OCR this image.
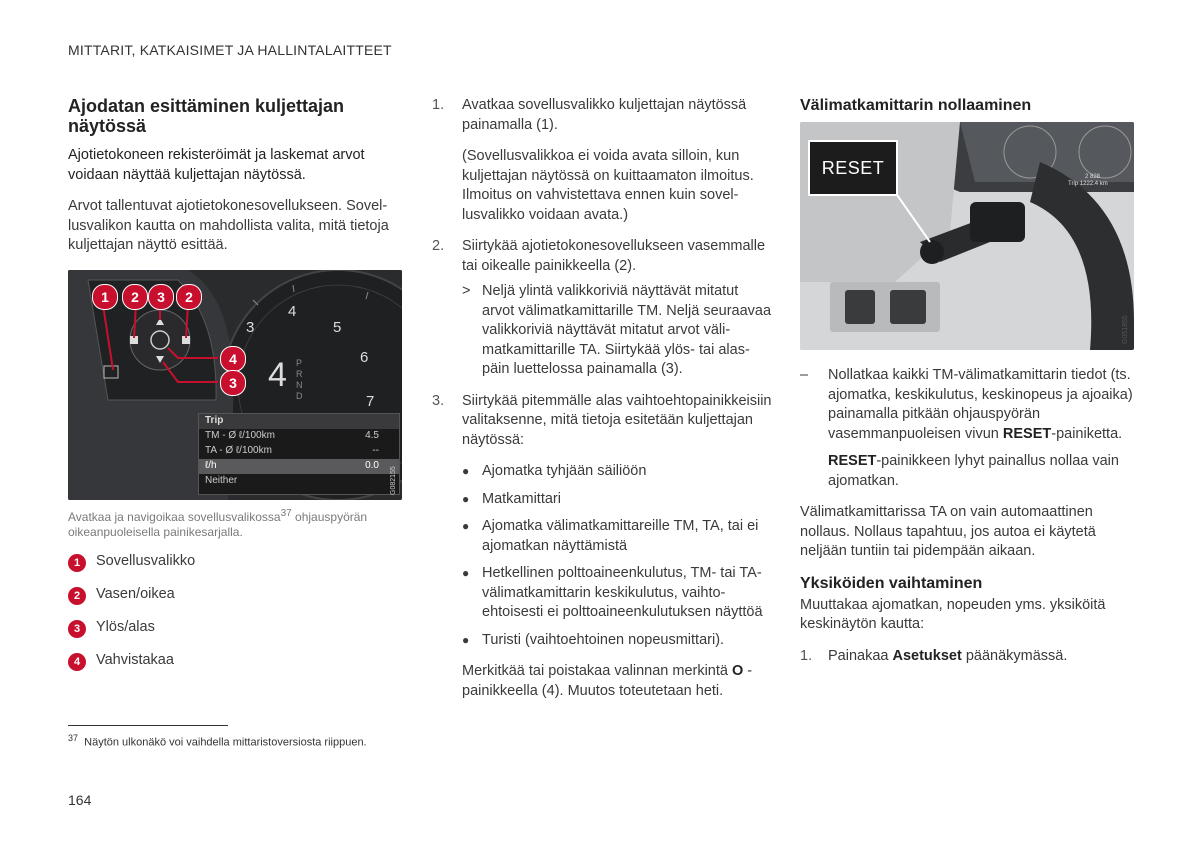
MITTARIT, KATKAISIMET JA HALLINTALAITTEET
Ajodatan esittäminen kuljettajan näytössä

Ajotietokoneen rekisteröimät ja laskemat arvot voidaan näyttää kuljettajan näytössä.

Arvot tallentuvat ajotietokonesovellukseen. Sovellusvalikon kautta on mahdollista valita, mitä tietoja kuljettajan näyttö esittää.

1	2	3	2
4
3
4
5
6
7
3
P R N D
4
Trip
TM - Ø ℓ/100km	4.5
TA - Ø ℓ/100km	--
ℓ/h	0.0
Neither	G082155
Avatkaa ja navigoikaa sovellusvalikossa$^{37}$ ohjauspyörän oikeanpuoleisella painikesarjalla.
1	Sovellusvalikko
2	Vasen/oikea
3	Ylös/alas
4	Vahvistakaa
1.	Avatkaa sovellusvalikko kuljettajan näytössä painamalla (1).

(Sovellusvalikkoa ei voida avata silloin, kun kuljettajan näytössä on kuittaamaton ilmoitus. Ilmoitus on vahvistettava ennen kuin sovellusvalikko voidaan avata.)

2.	Siirtykää ajotietokonesovellukseen vasemmalle tai oikealle painikkeella (2).

> Neljä ylintä valikkoriviä näyttävät mitatut arvot välimatkamittarille TM. Neljä seuraavaa valikkoriviä näyttävät mitatut arvot välimatkamittarille TA. Siirtykää ylös- tai alaspäin luettelossa painamalla (3).
3.	Siirtykää pitemmälle alas vaihtoehtopainikkeisiin valitaksenne, mitä tietoja esitetään kuljettajan näytössä:

● Ajomatka tyhjään säiliöön
● Matkamittari
● Ajomatka välimatkamittareille TM, TA, tai ei ajomatkan näyttämistä
● Hetkellinen polttoaineenkulutus, TM- tai TA-välimatkamittarin keskikulutus, vaihtoehtoisesti ei polttoaineenkulutuksen näyttöä
● Turisti (vaihtoehtoinen nopeusmittari).

Merkitkää tai poistakaa valinnan merkintä O -painikkeella (4). Muutos toteutetaan heti.

Välimatkamittarin nollaaminen
RESET	2 828
Trip 1222.4 km
G051855
–	Nollatkaa kaikki TM-välimatkamittarin tiedot (ts. ajomatka, keskikulutus, keskinopeus ja ajoaika) painamalla pitkään ohjauspyörän vasemmanpuoleisen vivun RESET-painiketta.

RESET-painikkeen lyhyt painallus nollaa vain ajomatkan.

Välimatkamittarissa TA on vain automaattinen nollaus. Nollaus tapahtuu, jos autoa ei käytetä neljään tuntiin tai pidempään aikaan.

Yksiköiden vaihtaminen

Muuttakaa ajomatkan, nopeuden yms. yksiköitä keskinäytön kautta:

1.	Painakaa Asetukset päänäkymässä.
$^{37}$ Näytön ulkonäkö voi vaihdella mittaristoversiosta riippuen.
164
